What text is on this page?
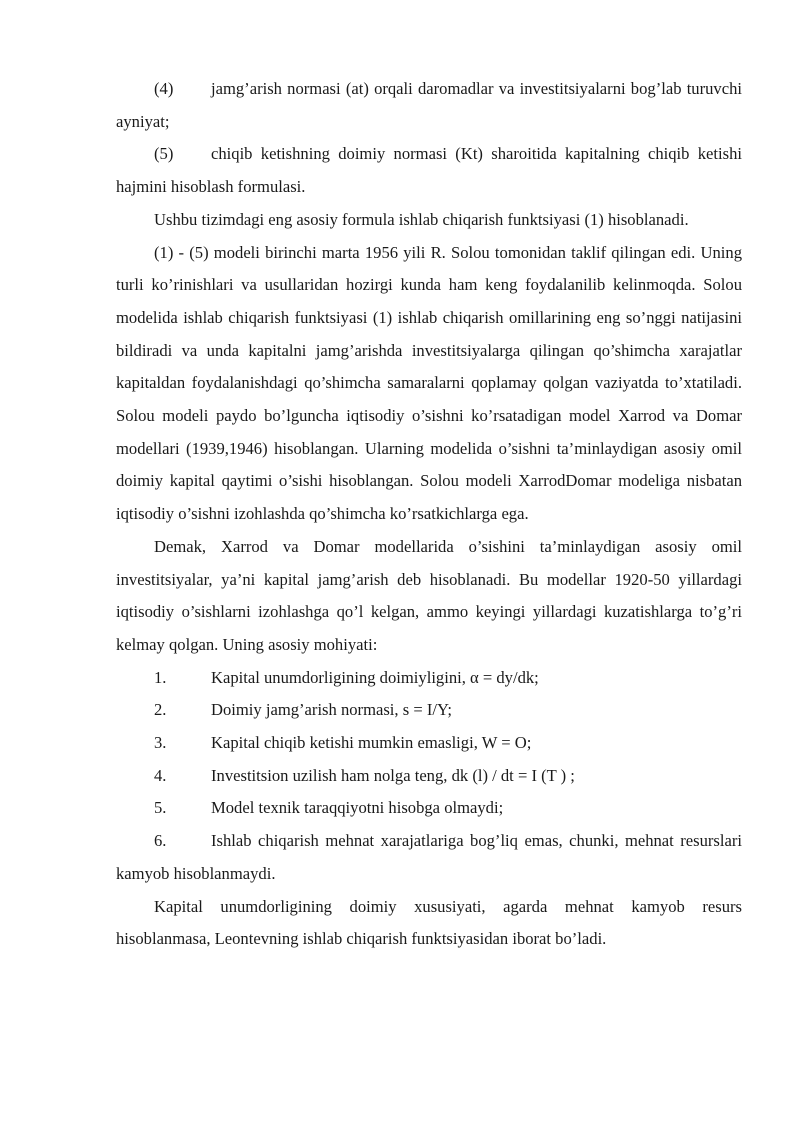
(4) jamg’arish normasi (at) orqali daromadlar va investitsiyalarni bog’lab turuvchi ayniyat;

(5) chiqib ketishning doimiy normasi (Kt) sharoitida kapitalning chiqib ketishi hajmini hisoblash formulasi.

Ushbu tizimdagi eng asosiy formula ishlab chiqarish funktsiyasi (1) hisoblanadi.

(1) - (5) modeli birinchi marta 1956 yili R. Solou tomonidan taklif qilingan edi. Uning turli ko’rinishlari va usullaridan hozirgi kunda ham keng foydalanilib kelinmoqda. Solou modelida ishlab chiqarish funktsiyasi (1) ishlab chiqarish omillarining eng so’nggi natijasini bildiradi va unda kapitalni jamg’arishda investitsiyalarga qilingan qo’shimcha xarajatlar kapitaldan foydalanishdagi qo’shimcha samaralarni qoplamay qolgan vaziyatda to’xtatiladi. Solou modeli paydo bo’lguncha iqtisodiy o’sishni ko’rsatadigan model Xarrod va Domar modellari (1939,1946) hisoblangan. Ularning modelida o’sishni ta’minlaydigan asosiy omil doimiy kapital qaytimi o’sishi hisoblangan. Solou modeli XarrodDomar modeliga nisbatan iqtisodiy o’sishni izohlashda qo’shimcha ko’rsatkichlarga ega.

Demak, Xarrod va Domar modellarida o’sishini ta’minlaydigan asosiy omil investitsiyalar, ya’ni kapital jamg’arish deb hisoblanadi. Bu modellar 1920-50 yillardagi iqtisodiy o’sishlarni izohlashga qo’l kelgan, ammo keyingi yillardagi kuzatishlarga to’g’ri kelmay qolgan. Uning asosiy mohiyati:

1.	Kapital unumdorligining doimiyligini, α = dy/dk;

2.	Doimiy jamg’arish normasi, s = I/Y;

3.	Kapital chiqib ketishi mumkin emasligi, W = O;

4.	Investitsion uzilish ham nolga teng, dk (l) / dt = I (T ) ;

5.	Model texnik taraqqiyotni hisobga olmaydi;

6.	Ishlab chiqarish mehnat xarajatlariga bog’liq emas, chunki, mehnat resurslari kamyob hisoblanmaydi.

Kapital unumdorligining doimiy xususiyati, agarda mehnat kamyob resurs hisoblanmasa, Leontevning ishlab chiqarish funktsiyasidan iborat bo’ladi.
